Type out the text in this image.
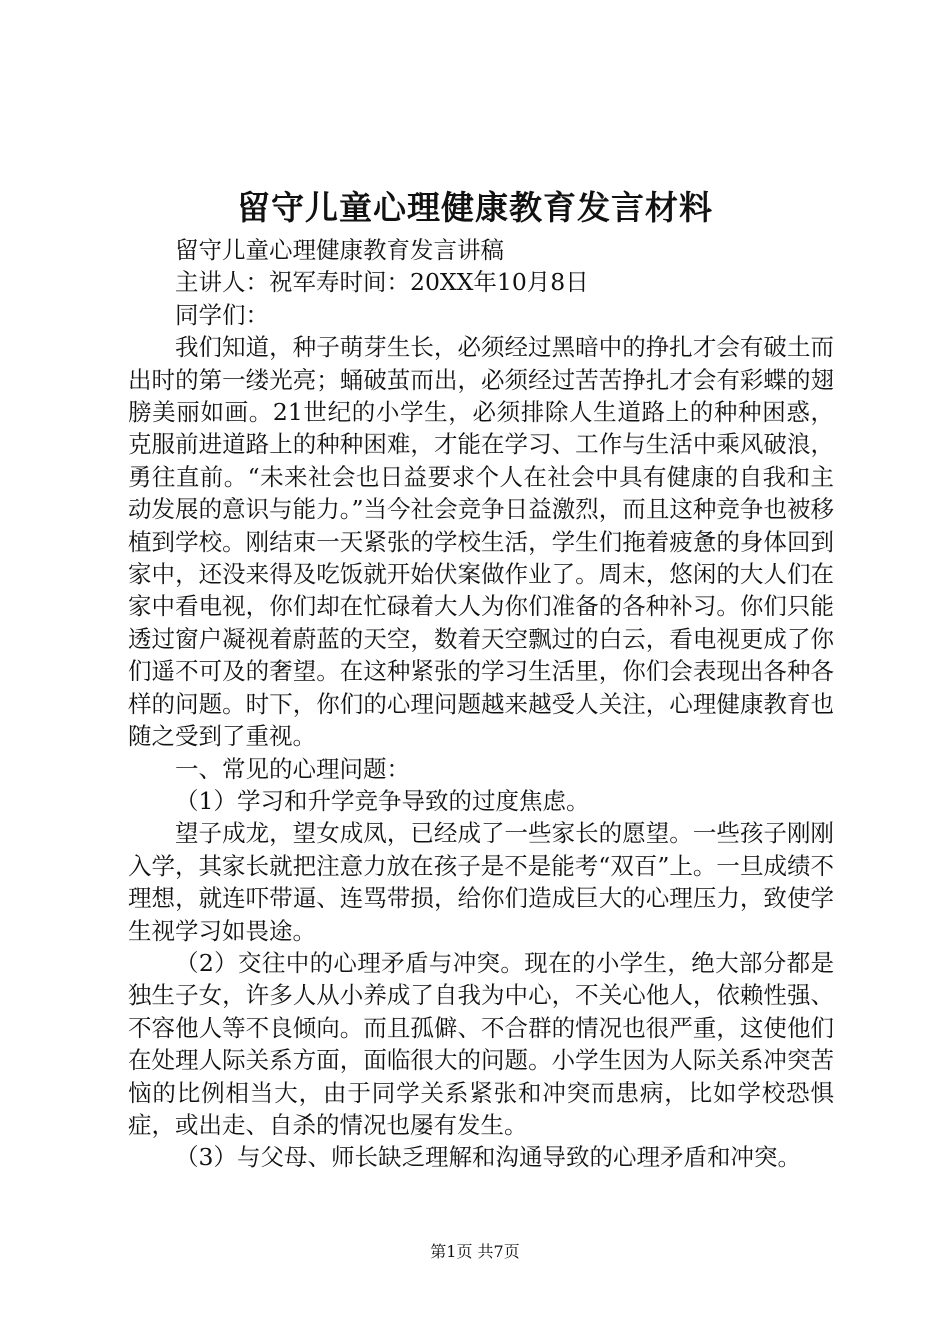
留守儿童心理健康教育发言材料

留守儿童心理健康教育发言讲稿

主讲人：祝军寿时间：20XX年10月8日

同学们：

我们知道，种子萌芽生长，必须经过黑暗中的挣扎才会有破土而出时的第一缕光亮；蛹破茧而出，必须经过苦苦挣扎才会有彩蝶的翅膀美丽如画。21世纪的小学生，必须排除人生道路上的种种困惑，克服前进道路上的种种困难，才能在学习、工作与生活中乘风破浪，勇往直前。“未来社会也日益要求个人在社会中具有健康的自我和主动发展的意识与能力。”当今社会竞争日益激烈，而且这种竞争也被移植到学校。刚结束一天紧张的学校生活，学生们拖着疲惫的身体回到家中，还没来得及吃饭就开始伏案做作业了。周末，悠闲的大人们在家中看电视，你们却在忙碌着大人为你们准备的各种补习。你们只能透过窗户凝视着蔚蓝的天空，数着天空飘过的白云，看电视更成了你们遥不可及的奢望。在这种紧张的学习生活里，你们会表现出各种各样的问题。时下，你们的心理问题越来越受人关注，心理健康教育也随之受到了重视。

一、常见的心理问题：

（1）学习和升学竞争导致的过度焦虑。

望子成龙，望女成凤，已经成了一些家长的愿望。一些孩子刚刚入学，其家长就把注意力放在孩子是不是能考“双百”上。一旦成绩不理想，就连吓带逼、连骂带损，给你们造成巨大的心理压力，致使学生视学习如畏途。

（2）交往中的心理矛盾与冲突。现在的小学生，绝大部分都是独生子女，许多人从小养成了自我为中心，不关心他人，依赖性强、不容他人等不良倾向。而且孤僻、不合群的情况也很严重，这使他们在处理人际关系方面，面临很大的问题。小学生因为人际关系冲突苦恼的比例相当大，由于同学关系紧张和冲突而患病，比如学校恐惧症，或出走、自杀的情况也屡有发生。

（3）与父母、师长缺乏理解和沟通导致的心理矛盾和冲突。

第1页 共7页
